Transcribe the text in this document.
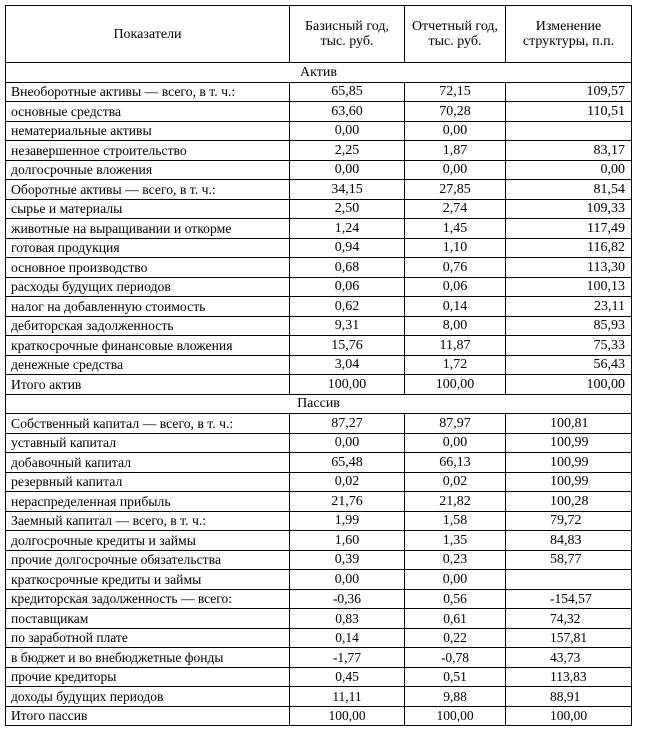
Показатели	Базисный год, тыс. руб.	Отчетный год, тыс. руб.	Изменение структуры, п.п.
Актив			
Внеоборотные активы — всего, в т. ч.:	65,85	72,15	109,57
основные средства	63,60	70,28	110,51
нематериальные активы	0,00	0,00	
незавершенное строительство	2,25	1,87	83,17
долгосрочные вложения	0,00	0,00	0,00
Оборотные активы — всего, в т. ч.:	34,15	27,85	81,54
сырье и материалы	2,50	2,74	109,33
животные на выращивании и откорме	1,24	1,45	117,49
готовая продукция	0,94	1,10	116,82
основное производство	0,68	0,76	113,30
расходы будущих периодов	0,06	0,06	100,13
налог на добавленную стоимость	0,62	0,14	23,11
дебиторская задолженность	9,31	8,00	85,93
краткосрочные финансовые вложения	15,76	11,87	75,33
денежные средства	3,04	1,72	56,43
Итого актив	100,00	100,00	100,00
Пассив			
Собственный капитал — всего, в т. ч.:	87,27	87,97	100,81
уставный капитал	0,00	0,00	100,99
добавочный капитал	65,48	66,13	100,99
резервный капитал	0,02	0,02	100,99
нераспределенная прибыль	21,76	21,82	100,28
Заемный капитал — всего, в т. ч.:	1,99	1,58	79,72
долгосрочные кредиты и займы	1,60	1,35	84,83
прочие долгосрочные обязательства	0,39	0,23	58,77
краткосрочные кредиты и займы	0,00	0,00	
кредиторская задолженность — всего:	-0,36	0,56	-154,57
поставщикам	0,83	0,61	74,32
по заработной плате	0,14	0,22	157,81
в бюджет и во внебюджетные фонды	-1,77	-0,78	43,73
прочие кредиторы	0,45	0,51	113,83
доходы будущих периодов	11,11	9,88	88,91
Итого пассив	100,00	100,00	100,00
